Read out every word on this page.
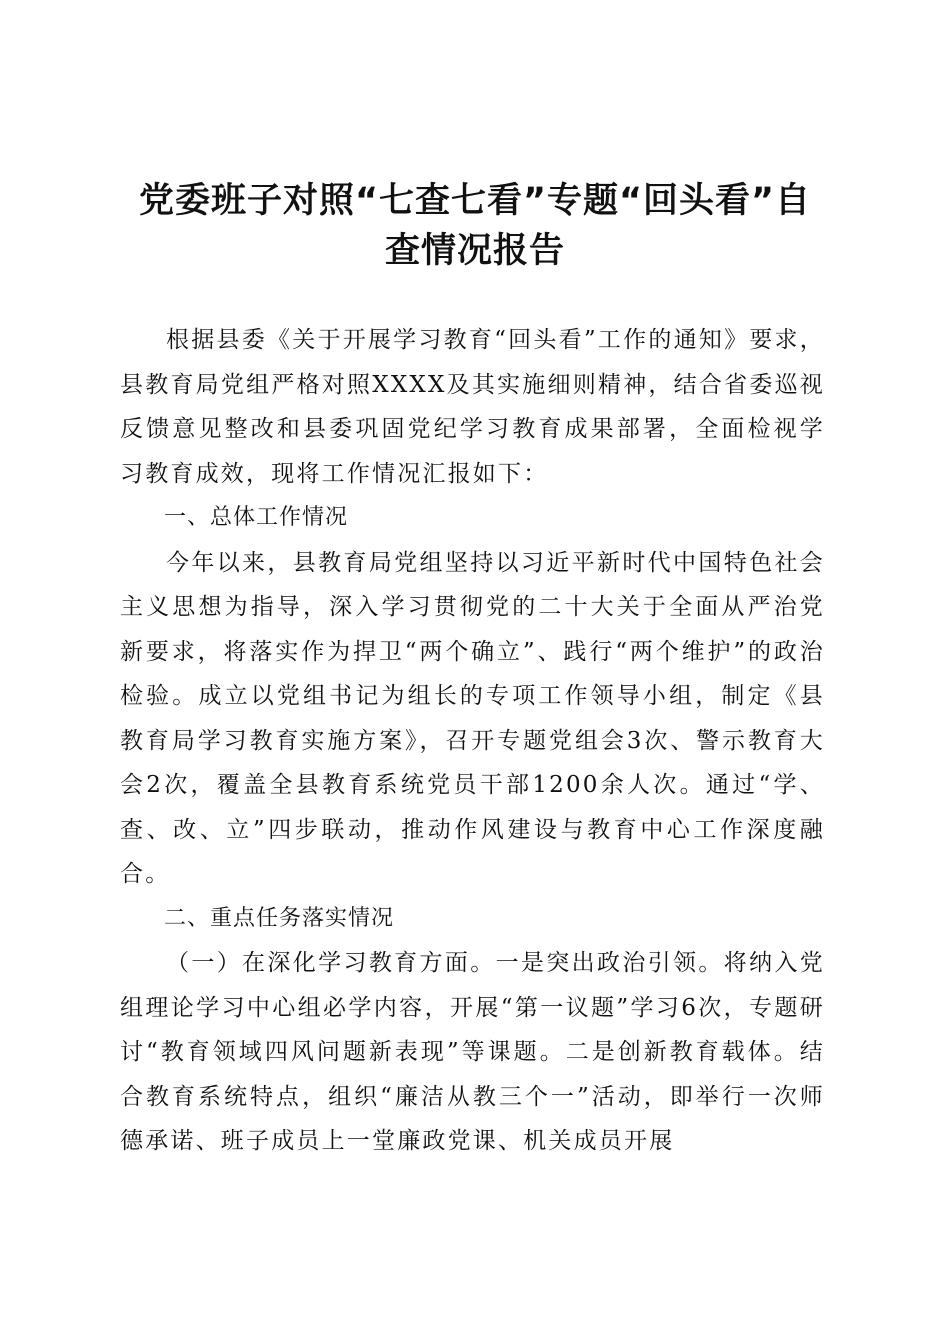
党委班子对照“七查七看”专题“回头看”自
查情况报告

根据县委《关于开展学习教育“回头看”工作的通知》要求，县教育局党组严格对照XXXX及其实施细则精神，结合省委巡视反馈意见整改和县委巩固党纪学习教育成果部署，全面检视学习教育成效，现将工作情况汇报如下：

一、总体工作情况

今年以来，县教育局党组坚持以习近平新时代中国特色社会主义思想为指导，深入学习贯彻党的二十大关于全面从严治党新要求，将落实作为捍卫“两个确立”、践行“两个维护”的政治检验。成立以党组书记为组长的专项工作领导小组，制定《县教育局学习教育实施方案》，召开专题党组会3次、警示教育大会2次，覆盖全县教育系统党员干部1200余人次。通过“学、查、改、立”四步联动，推动作风建设与教育中心工作深度融合。

二、重点任务落实情况

（一）在深化学习教育方面。一是突出政治引领。将纳入党组理论学习中心组必学内容，开展“第一议题”学习6次，专题研讨“教育领域四风问题新表现”等课题。二是创新教育载体。结合教育系统特点，组织“廉洁从教三个一”活动，即举行一次师德承诺、班子成员上一堂廉政党课、机关成员开展
